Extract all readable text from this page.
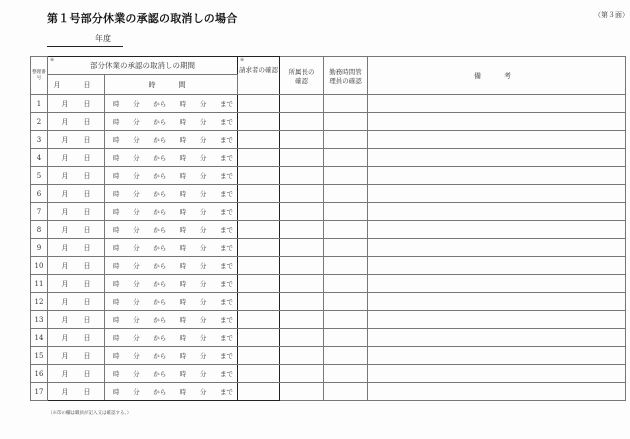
第１号部分休業の承認の取消しの場合	（第３面）
年度
整理番号	※
部分休業の承認の取消しの期間		※
請求者の確認	所属長の確認	勤務時間管理員の確認	備　考
	月　日	時　間				
1	月 日	時 分 から 時 分 まで

2	月 日	時 分 から 時 分 まで

3	月 日	時 分 から 時 分 まで

4	月 日	時 分 から 時 分 まで

5	月 日	時 分 から 時 分 まで

6	月 日	時 分 から 時 分 まで

7	月 日	時 分 から 時 分 まで

8	月 日	時 分 から 時 分 まで

9	月 日	時 分 から 時 分 まで

10	月 日	時 分 から 時 分 まで

11	月 日	時 分 から 時 分 まで

12	月 日	時 分 から 時 分 まで

13	月 日	時 分 から 時 分 まで

14	月 日	時 分 から 時 分 まで

15	月 日	時 分 から 時 分 まで

16	月 日	時 分 から 時 分 まで

17	月 日	時 分 から 時 分 まで

（※印の欄は職員が記入又は確認する。）
